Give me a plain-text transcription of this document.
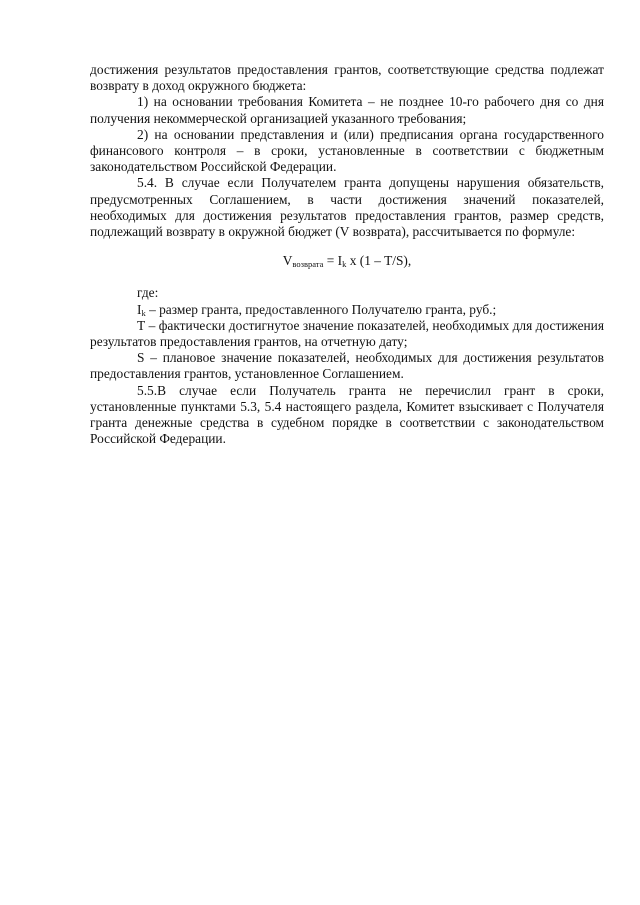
достижения результатов предоставления грантов, соответствующие средства подлежат возврату в доход окружного бюджета:

1) на основании требования Комитета – не позднее 10-го рабочего дня со дня получения некоммерческой организацией указанного требования;

2) на основании представления и (или) предписания органа государственного финансового контроля – в сроки, установленные в соответствии с бюджетным законодательством Российской Федерации.

5.4. В случае если Получателем гранта допущены нарушения обязательств, предусмотренных Соглашением, в части достижения значений показателей, необходимых для достижения результатов предоставления грантов, размер средств, подлежащий возврату в окружной бюджет (V возврата), рассчитывается по формуле:

$V_{возврата} = I_k$ x (1 – T/S),

где:

$I_k$ – размер гранта, предоставленного Получателю гранта, руб.;

Т – фактически достигнутое значение показателей, необходимых для достижения результатов предоставления грантов, на отчетную дату;

S – плановое значение показателей, необходимых для достижения результатов предоставления грантов, установленное Соглашением.

5.5.В случае если Получатель гранта не перечислил грант в сроки, установленные пунктами 5.3, 5.4 настоящего раздела, Комитет взыскивает с Получателя гранта денежные средства в судебном порядке в соответствии с законодательством Российской Федерации.
